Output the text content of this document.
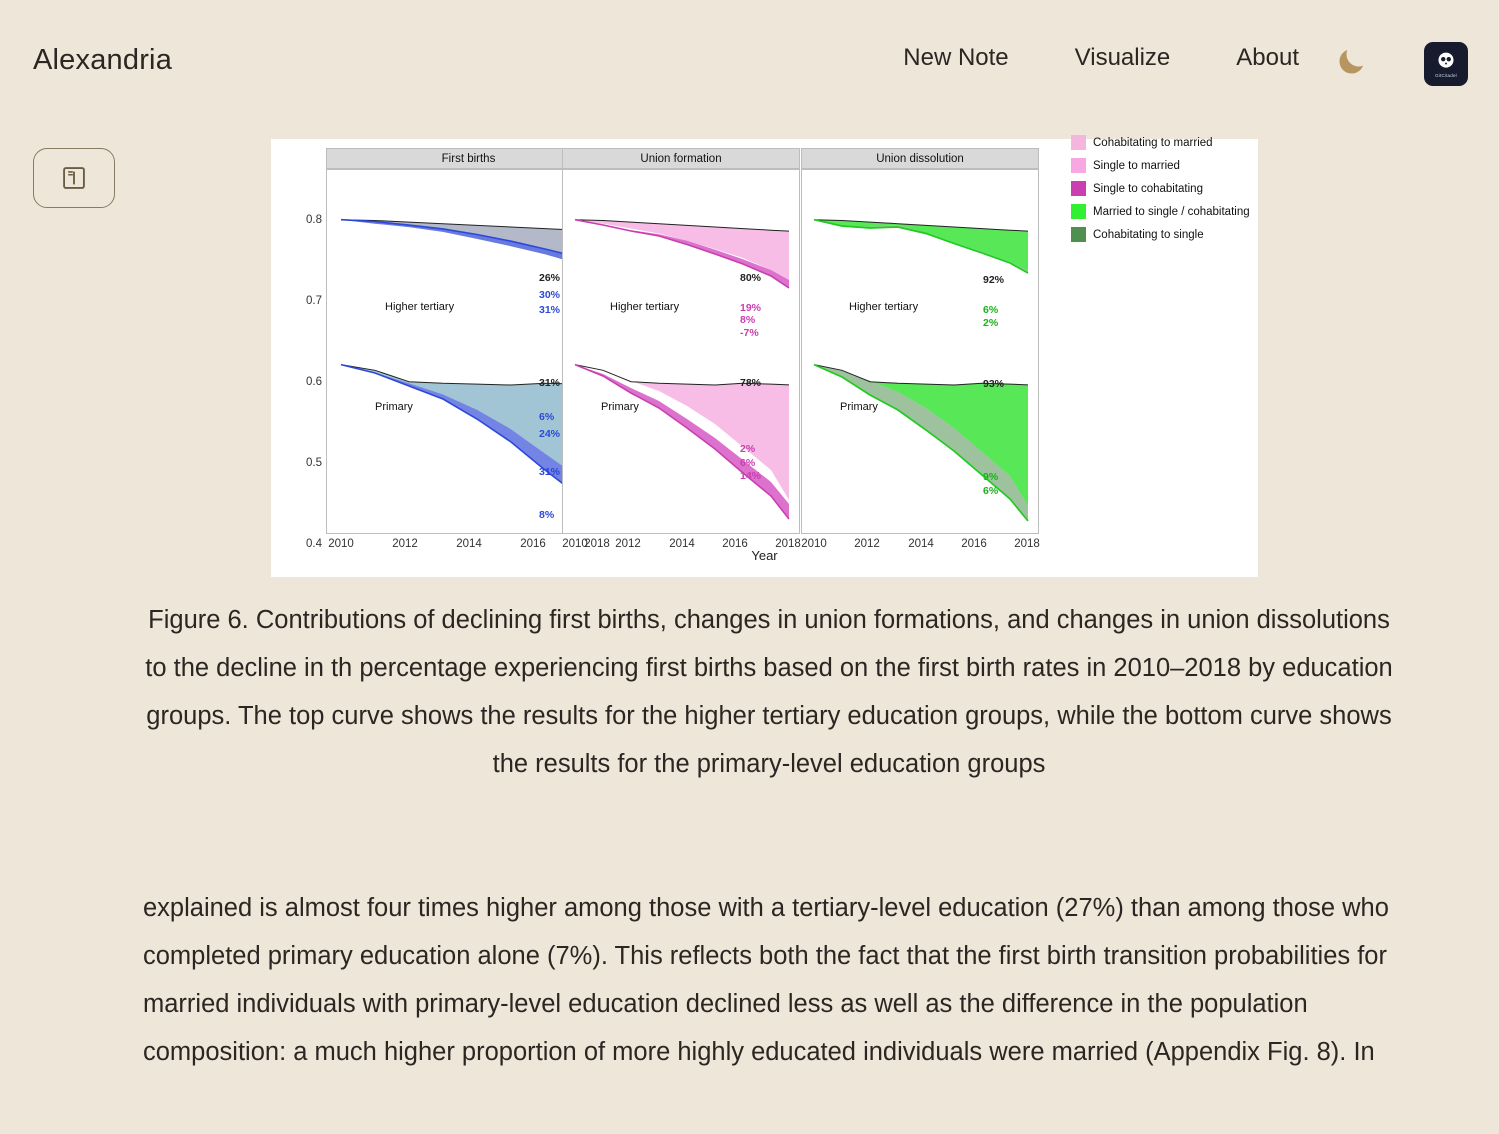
Alexandria	New Note	Visualize	About
GitCitadel
Year
First births
Higher tertiary
Primary
26%
30%
31%
31%
6%
24%
31%
8%
0.8
0.7
0.6
0.5
0.4 2010	2012	2014	2016	2018
Union formation
Higher tertiary
Primary
80%
19%
8%
-7%
78%
2%
6%
14%
2010 2012 2014 2016 2018
Union dissolution
Higher tertiary
Primary
92%
6%
2%
93%
9%
6%
2010 2012 2014 2016 2018
Cohabitating to married
Single to married
Single to cohabitating
Married to single / cohabitating
Cohabitating to single
Figure 6. Contributions of declining first births, changes in union formations, and changes in union dissolutions to the decline in th percentage experiencing first births based on the first birth rates in 2010–2018 by education groups. The top curve shows the results for the higher tertiary education groups, while the bottom curve shows the results for the primary-level education groups
explained is almost four times higher among those with a tertiary-level education (27%) than among those who completed primary education alone (7%). This reflects both the fact that the first birth transition probabilities for married individuals with primary-level education declined less as well as the difference in the population composition: a much higher proportion of more highly educated individuals were married (Appendix Fig. 8). In
